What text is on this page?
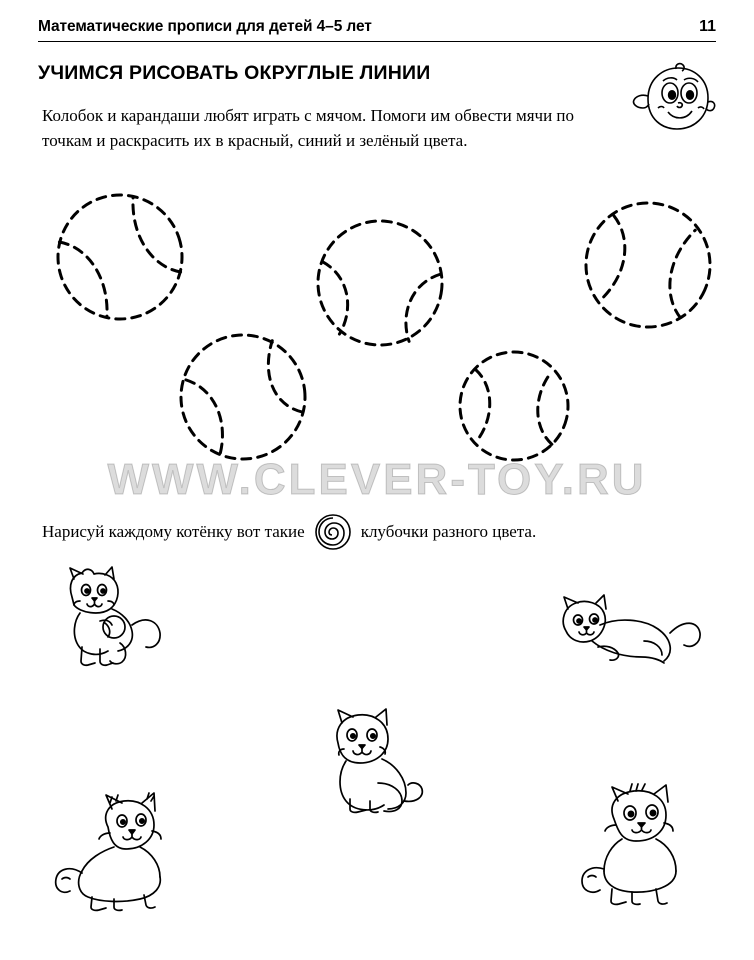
Математические прописи для детей 4–5 лет	11
УЧИМСЯ РИСОВАТЬ ОКРУГЛЫЕ ЛИНИИ
Колобок и карандаши любят играть с мячом. Помоги им обвести мячи по точкам и раскрасить их в красный, синий и зелёный цвета.
WWW.CLEVER-TOY.RU
Нарисуй каждому котёнку вот такие	клубочки разного цвета.
